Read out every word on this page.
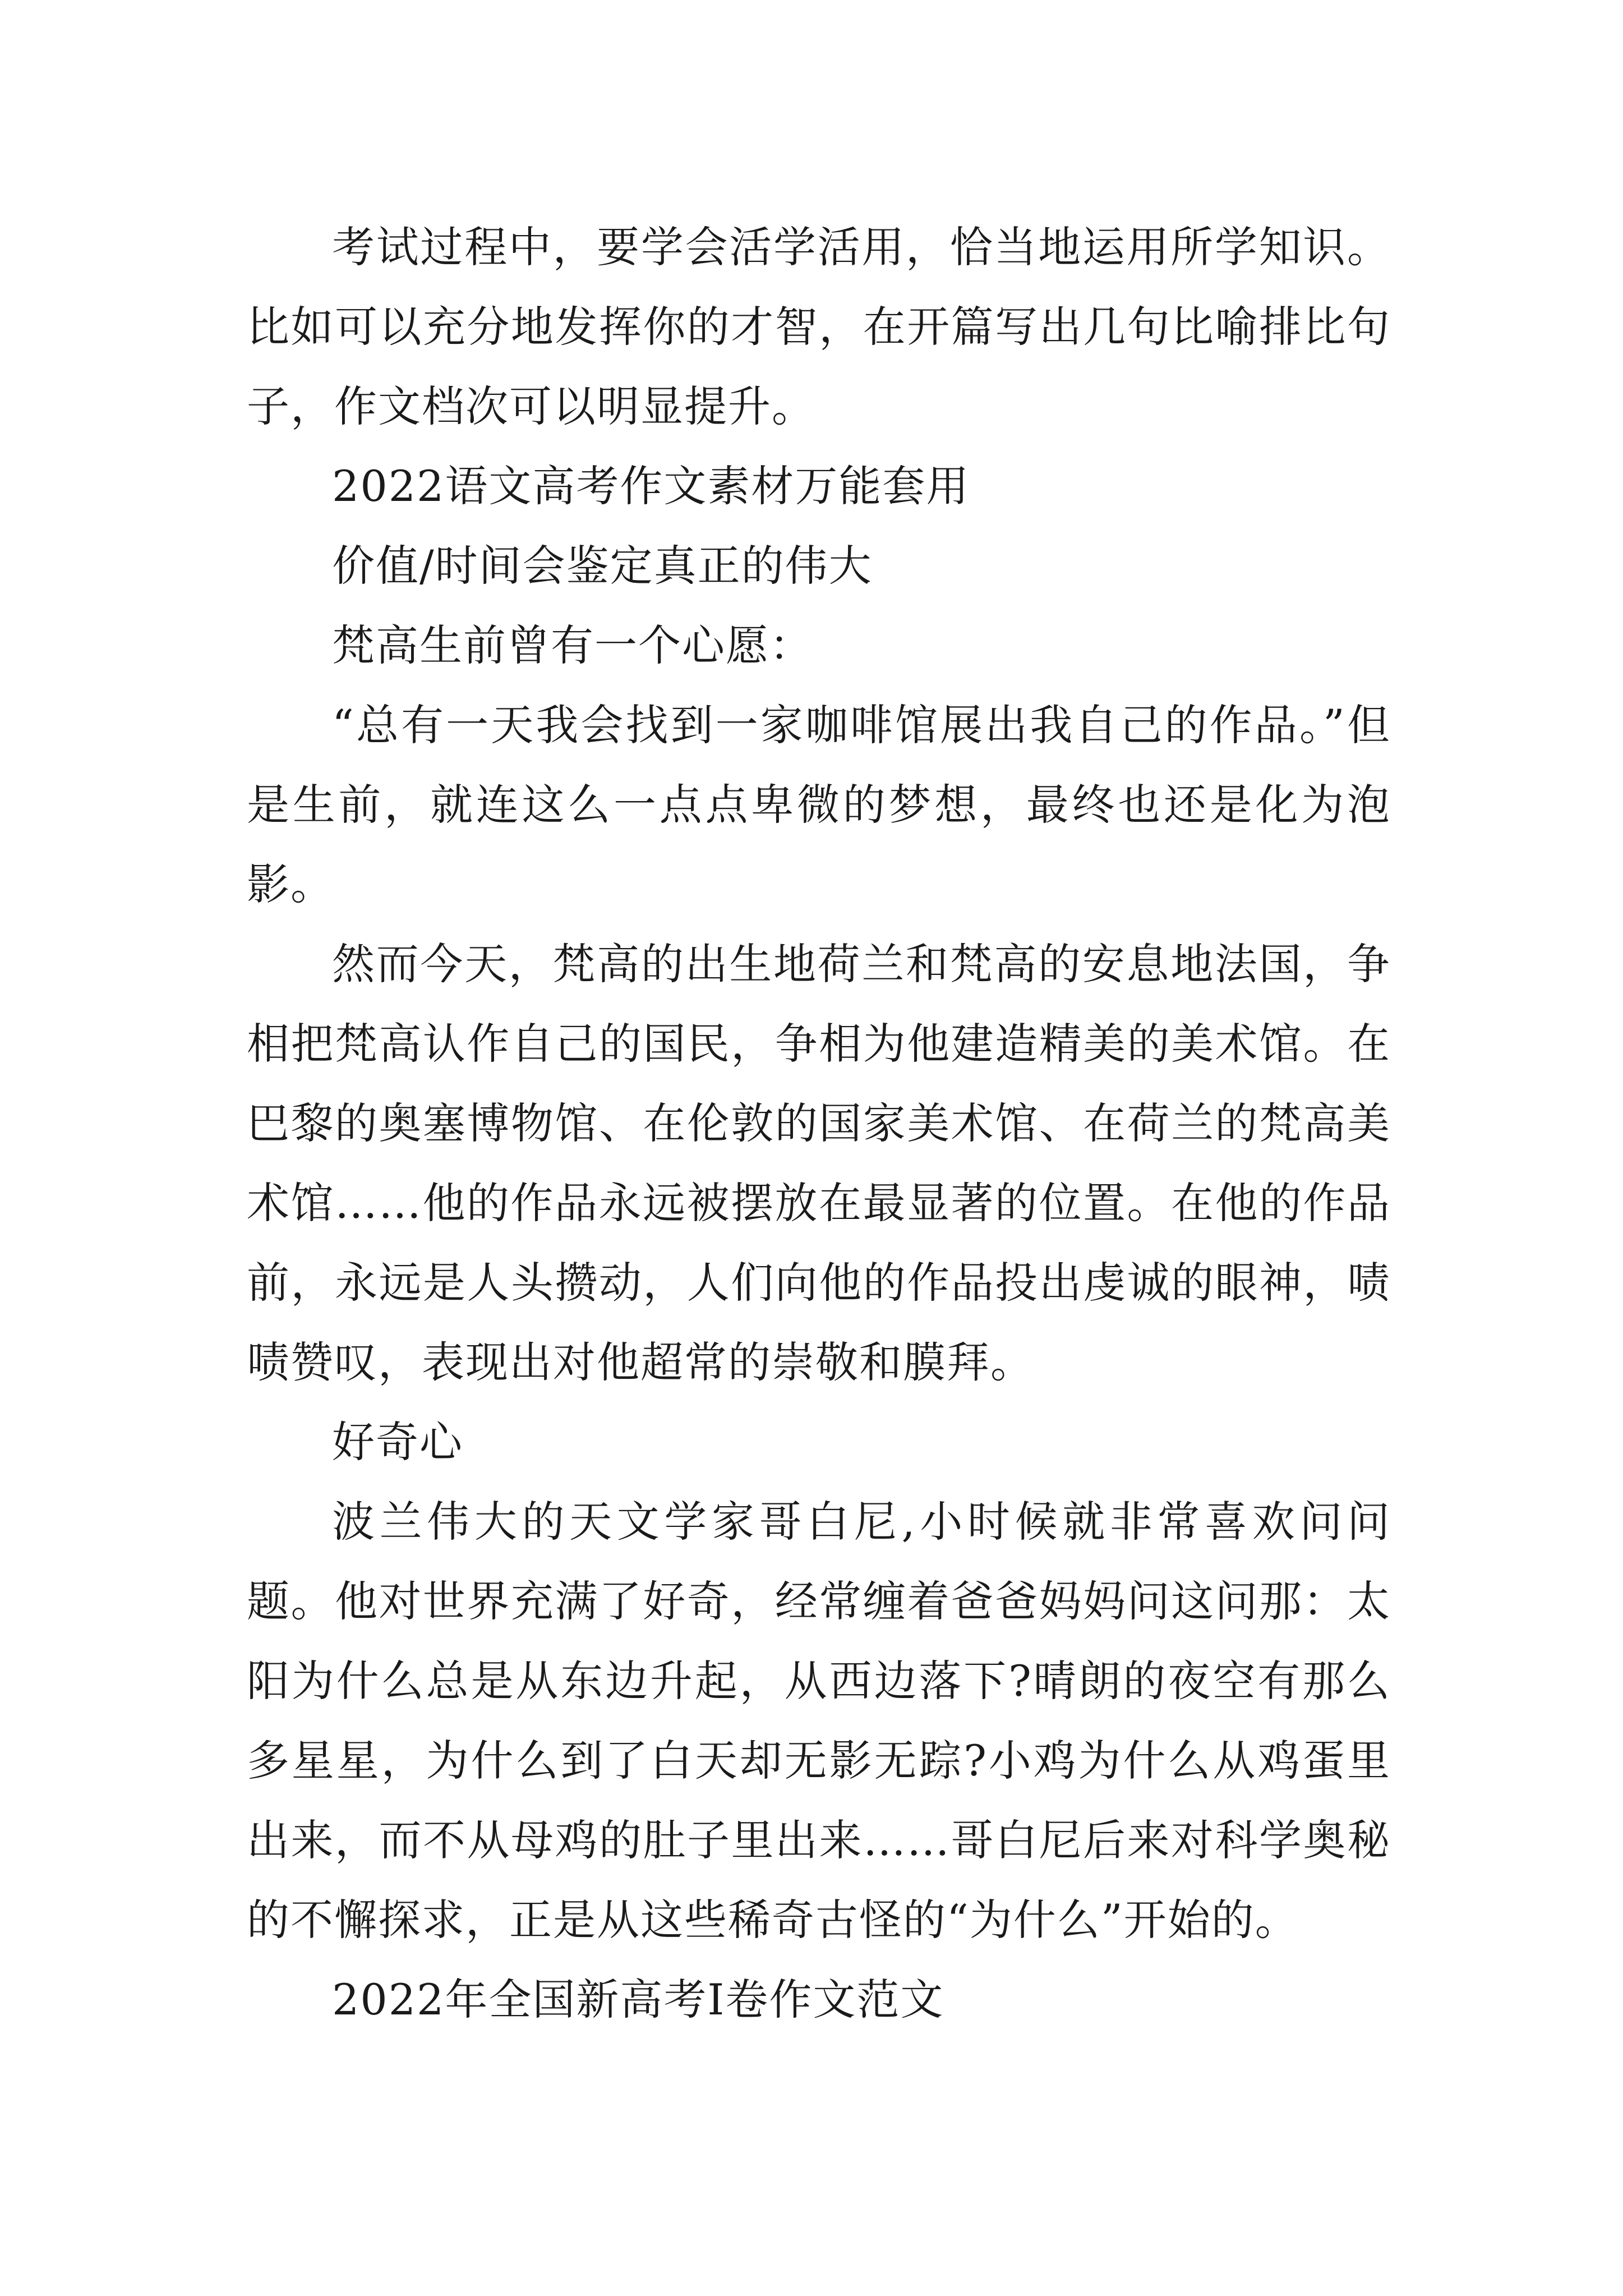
考试过程中，要学会活学活用，恰当地运用所学知识。比如可以充分地发挥你的才智，在开篇写出几句比喻排比句子，作文档次可以明显提升。

2022语文高考作文素材万能套用

价值/时间会鉴定真正的伟大

梵高生前曾有一个心愿：

“总有一天我会找到一家咖啡馆展出我自己的作品。”但是生前，就连这么一点点卑微的梦想，最终也还是化为泡影。

然而今天，梵高的出生地荷兰和梵高的安息地法国，争相把梵高认作自己的国民，争相为他建造精美的美术馆。在巴黎的奥塞博物馆、在伦敦的国家美术馆、在荷兰的梵高美术馆……他的作品永远被摆放在最显著的位置。在他的作品前，永远是人头攒动，人们向他的作品投出虔诚的眼神，啧啧赞叹，表现出对他超常的崇敬和膜拜。

好奇心

波兰伟大的天文学家哥白尼,小时候就非常喜欢问问题。他对世界充满了好奇，经常缠着爸爸妈妈问这问那：太阳为什么总是从东边升起，从西边落下?晴朗的夜空有那么多星星，为什么到了白天却无影无踪?小鸡为什么从鸡蛋里出来，而不从母鸡的肚子里出来……哥白尼后来对科学奥秘的不懈探求，正是从这些稀奇古怪的“为什么”开始的。

2022年全国新高考Ⅰ卷作文范文
